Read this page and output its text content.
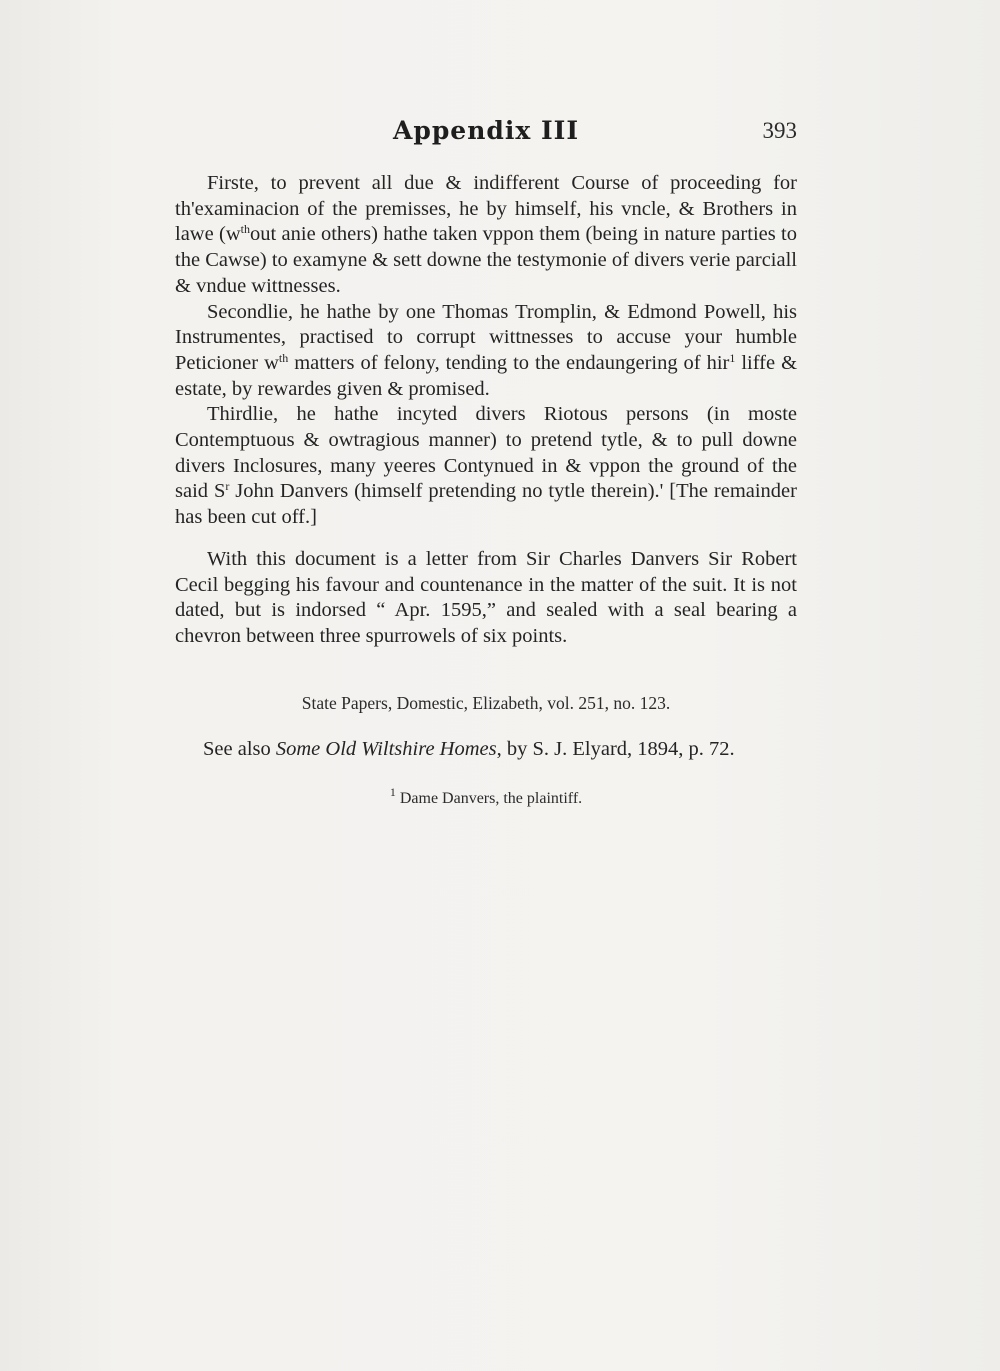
Appendix III	393

Firste, to prevent all due & indifferent Course of proceeding for th'examinacion of the premisses, he by himself, his vncle, & Brothers in lawe ($w^{th}out$ anie others) hathe taken vppon them (being in nature parties to the Cawse) to examyne & sett downe the testymonie of divers verie parciall & vndue wittnesses.

Secondlie, he hathe by one Thomas Tromplin, & Edmond Powell, his Instrumentes, practised to corrupt wittnesses to accuse your humble Peticioner $w^{th}$ matters of felony, tending to the endaungering of hir$^1$ liffe & estate, by rewardes given & promised.

Thirdlie, he hathe incyted divers Riotous persons (in moste Contemptuous & owtragious manner) to pretend tytle, & to pull downe divers Inclosures, many yeeres Contynued in & vppon the ground of the said $S^r$ John Danvers (himself pretending no tytle therein).' [The remainder has been cut off.]

With this document is a letter from Sir Charles Danvers Sir Robert Cecil begging his favour and countenance in the matter of the suit. It is not dated, but is indorsed “ Apr. 1595,” and sealed with a seal bearing a chevron between three spurrowels of six points.

State Papers, Domestic, Elizabeth, vol. 251, no. 123.

See also Some Old Wiltshire Homes, by S. J. Elyard, 1894, p. 72.

$^1$ Dame Danvers, the plaintiff.
